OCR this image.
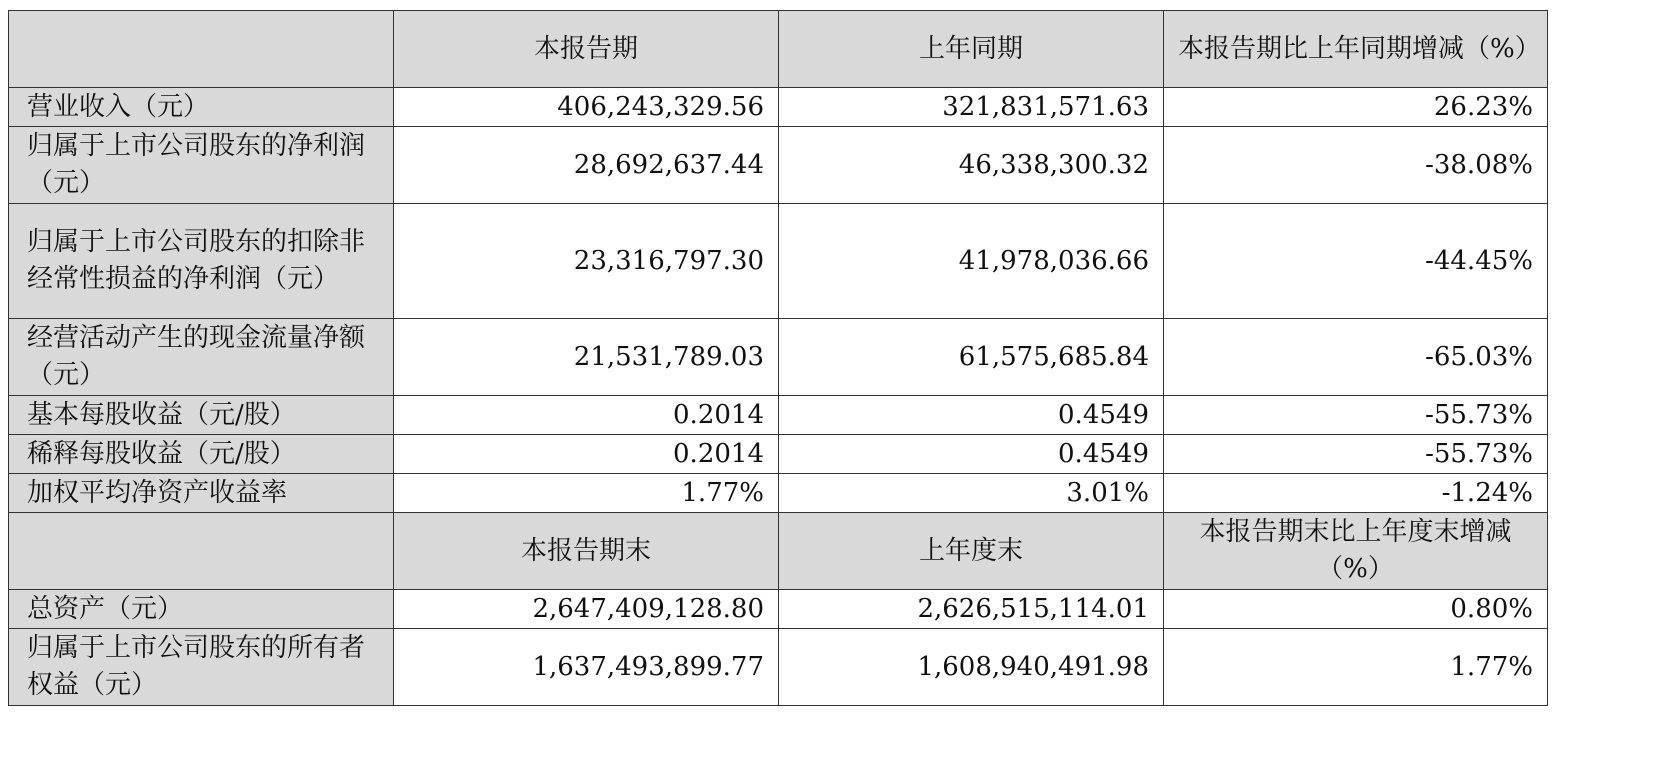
	本报告期	上年同期	本报告期比上年同期增减（%）
营业收入（元）	406,243,329.56	321,831,571.63	26.23%
归属于上市公司股东的净利润（元）	28,692,637.44	46,338,300.32	-38.08%
归属于上市公司股东的扣除非经常性损益的净利润（元）	23,316,797.30	41,978,036.66	-44.45%
经营活动产生的现金流量净额（元）	21,531,789.03	61,575,685.84	-65.03%
基本每股收益（元/股）	0.2014	0.4549	-55.73%
稀释每股收益（元/股）	0.2014	0.4549	-55.73%
加权平均净资产收益率	1.77%	3.01%	-1.24%
	本报告期末	上年度末	本报告期末比上年度末增减（%）
总资产（元）	2,647,409,128.80	2,626,515,114.01	0.80%
归属于上市公司股东的所有者权益（元）	1,637,493,899.77	1,608,940,491.98	1.77%
